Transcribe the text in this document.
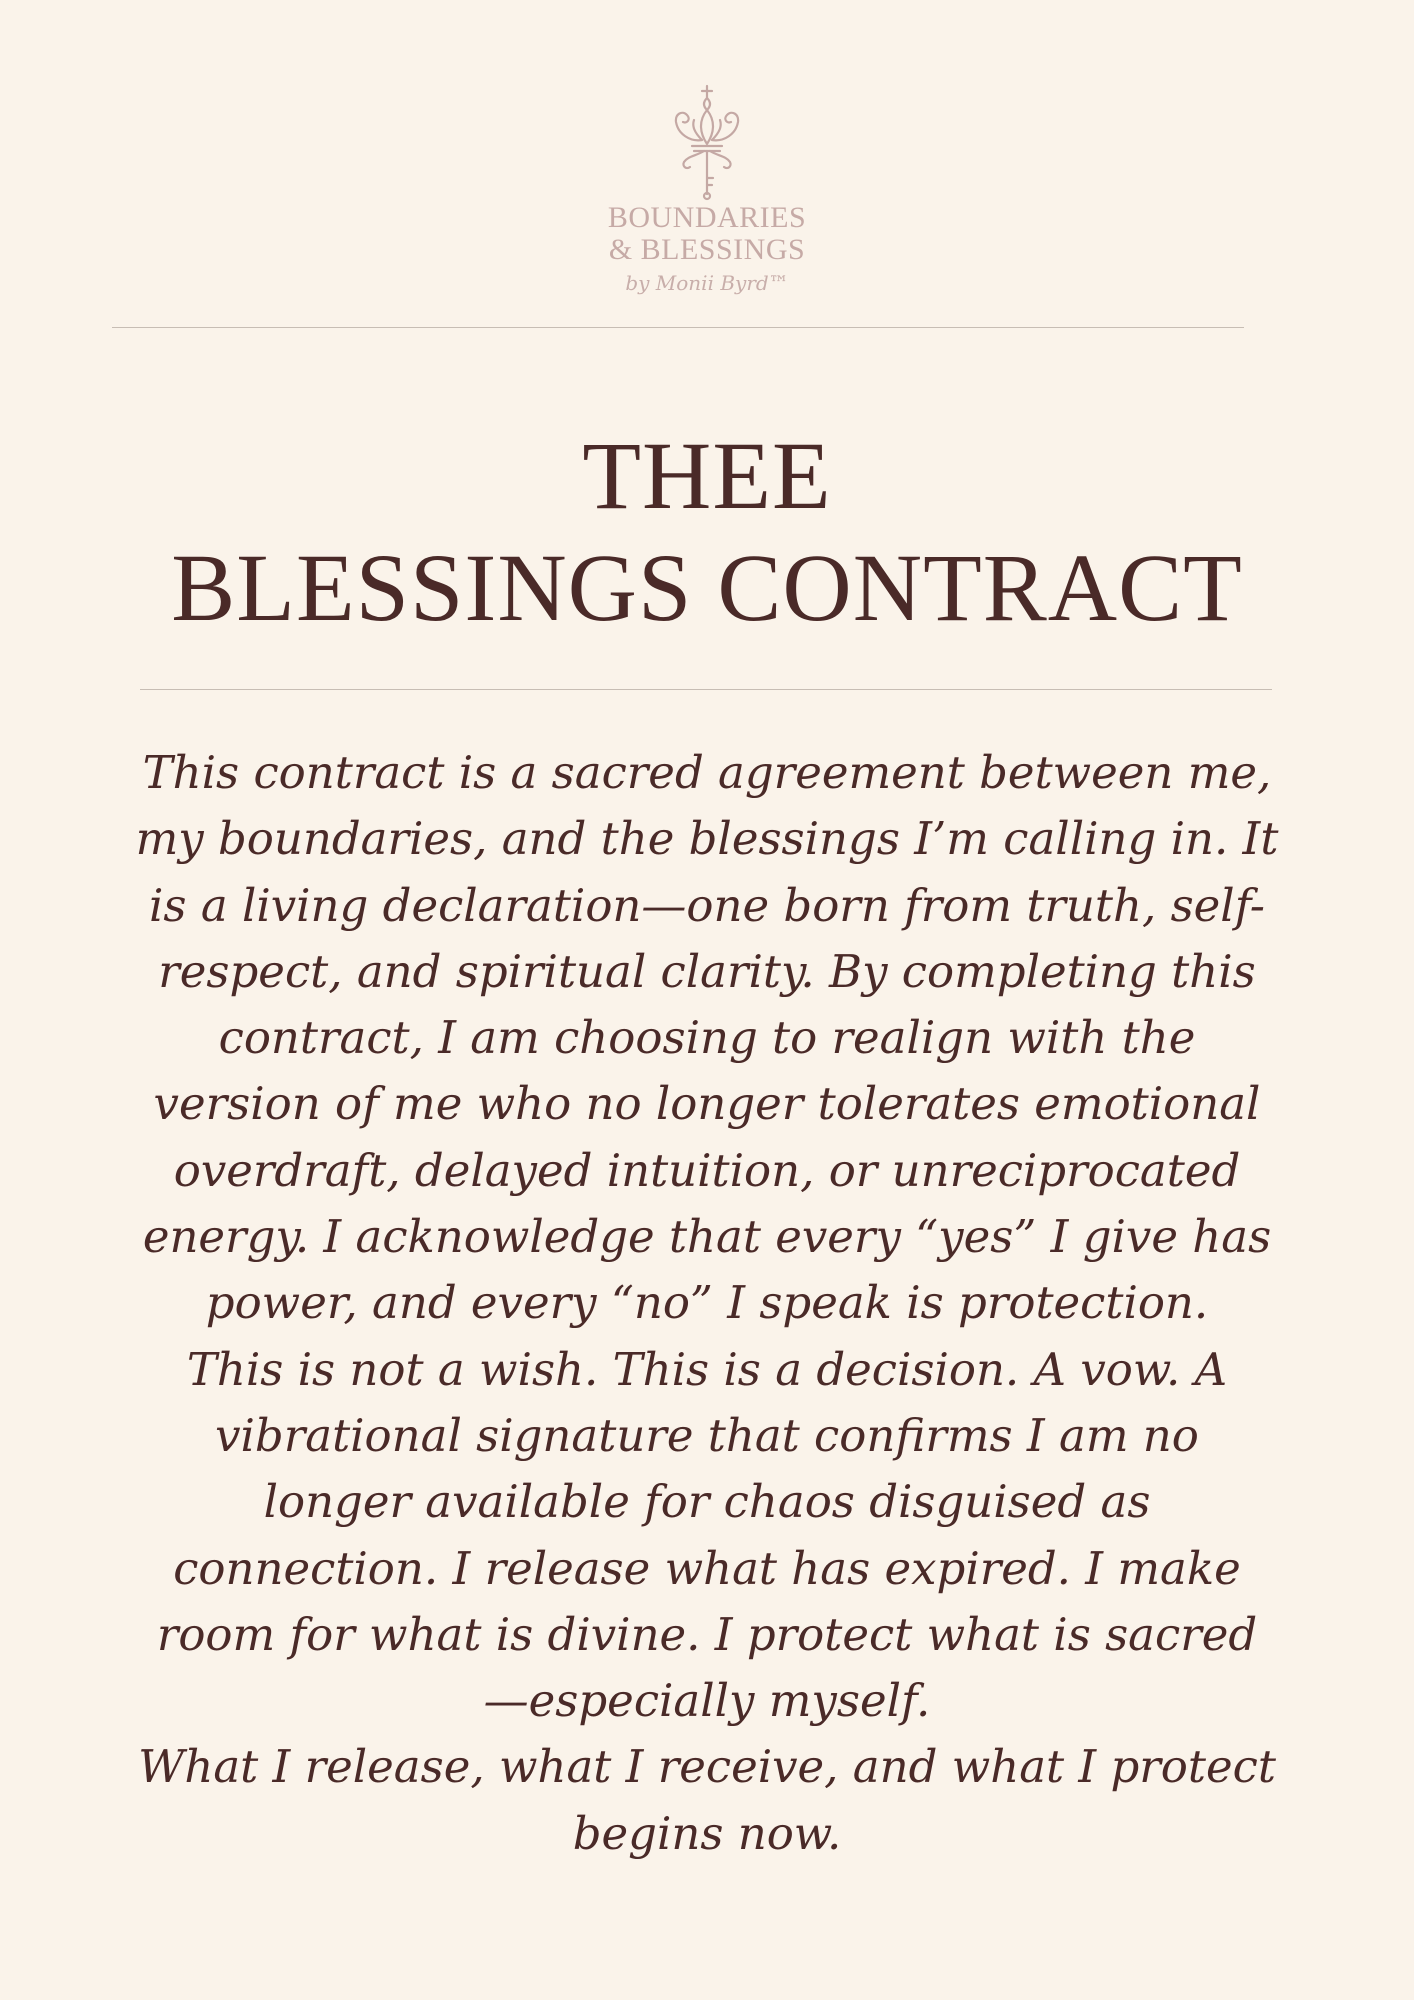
BOUNDARIES
& BLESSINGS
by Monii Byrd™
THEE
BLESSINGS CONTRACT
This contract is a sacred agreement between me,
my boundaries, and the blessings I’m calling in. It
is a living declaration—one born from truth, self-
respect, and spiritual clarity. By completing this
contract, I am choosing to realign with the
version of me who no longer tolerates emotional
overdraft, delayed intuition, or unreciprocated
energy. I acknowledge that every “yes” I give has
power, and every “no” I speak is protection.
This is not a wish. This is a decision. A vow. A
vibrational signature that confirms I am no
longer available for chaos disguised as
connection. I release what has expired. I make
room for what is divine. I protect what is sacred
—especially myself.
What I release, what I receive, and what I protect
begins now.
